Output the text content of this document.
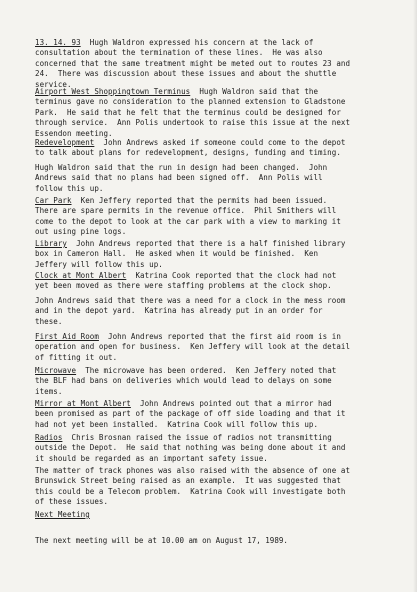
13. 14. 93  Hugh Waldron expressed his concern at the lack of
consultation about the termination of these lines.  He was also
concerned that the same treatment might be meted out to routes 23 and
24.  There was discussion about these issues and about the shuttle
service.

Airport West Shoppingtown Terminus  Hugh Waldron said that the
terminus gave no consideration to the planned extension to Gladstone
Park.  He said that he felt that the terminus could be designed for
through service.  Ann Polis undertook to raise this issue at the next
Essendon meeting.

Redevelopment  John Andrews asked if someone could come to the depot
to talk about plans for redevelopment, designs, funding and timing.

Hugh Waldron said that the run in design had been changed.  John
Andrews said that no plans had been signed off.  Ann Polis will
follow this up.

Car Park  Ken Jeffery reported that the permits had been issued.
There are spare permits in the revenue office.  Phil Smithers will
come to the depot to look at the car park with a view to marking it
out using pine logs.

Library  John Andrews reported that there is a half finished library
box in Cameron Hall.  He asked when it would be finished.  Ken
Jeffery will follow this up.

Clock at Mont Albert  Katrina Cook reported that the clock had not
yet been moved as there were staffing problems at the clock shop.

John Andrews said that there was a need for a clock in the mess room
and in the depot yard.  Katrina has already put in an order for
these.

First Aid Room  John Andrews reported that the first aid room is in
operation and open for business.  Ken Jeffery will look at the detail
of fitting it out.

Microwave  The microwave has been ordered.  Ken Jeffery noted that
the BLF had bans on deliveries which would lead to delays on some
items.

Mirror at Mont Albert  John Andrews pointed out that a mirror had
been promised as part of the package of off side loading and that it
had not yet been installed.  Katrina Cook will follow this up.

Radios  Chris Brosnan raised the issue of radios not transmitting
outside the Depot.  He said that nothing was being done about it and
it should be regarded as an important safety issue.

The matter of track phones was also raised with the absence of one at
Brunswick Street being raised as an example.  It was suggested that
this could be a Telecom problem.  Katrina Cook will investigate both
of these issues.

Next Meeting

The next meeting will be at 10.00 am on August 17, 1989.
